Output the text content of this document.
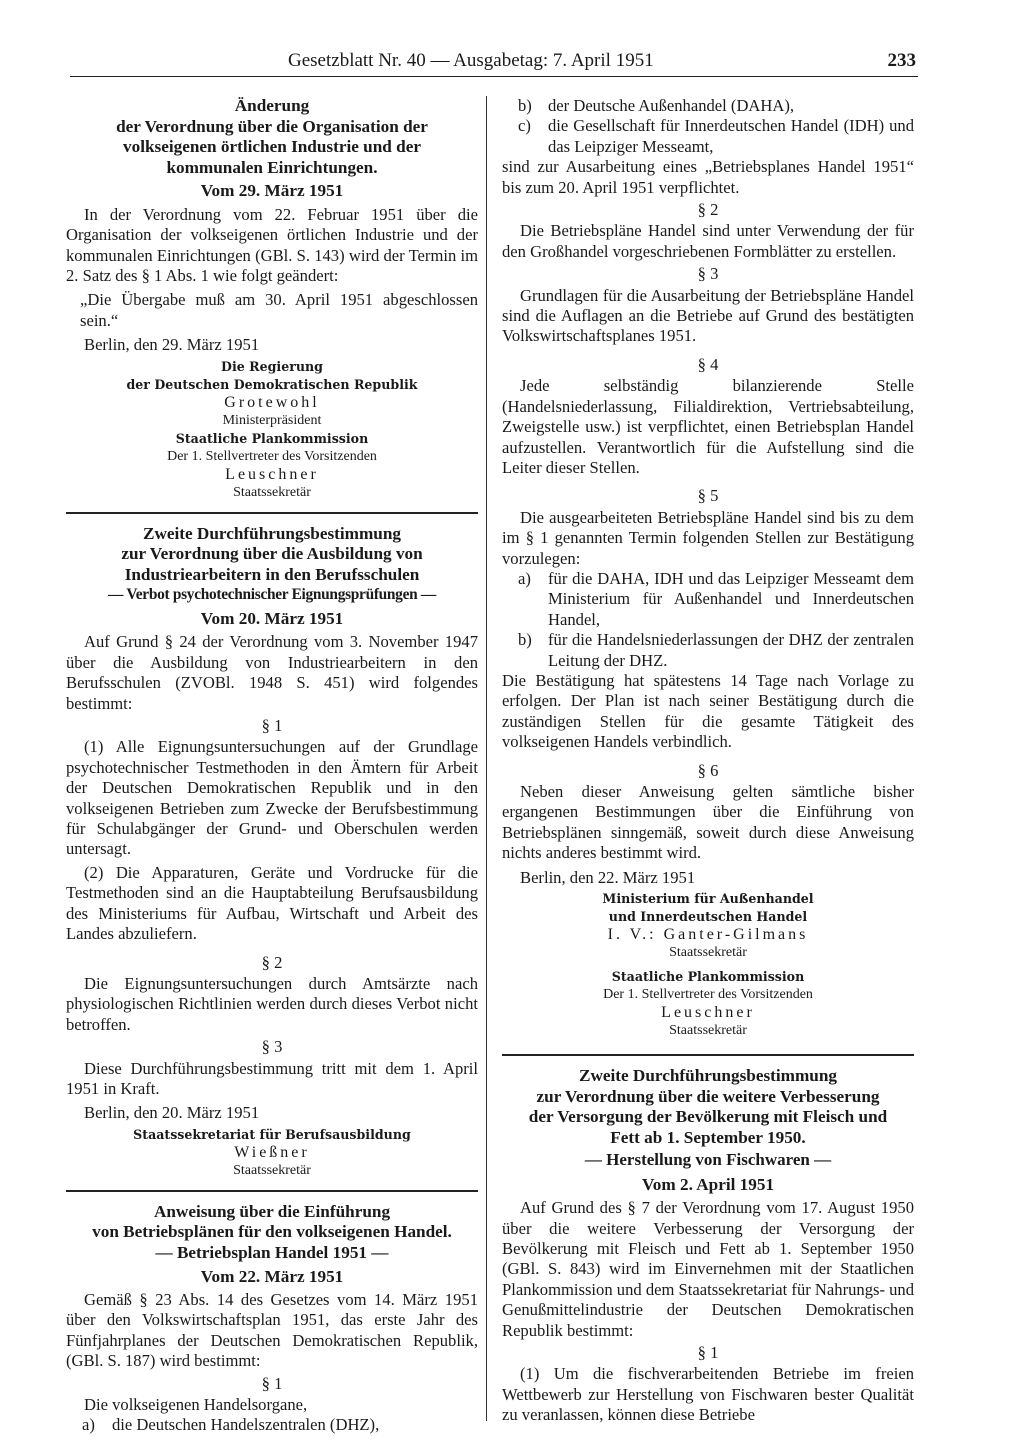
Gesetzblatt Nr. 40 — Ausgabetag: 7. April 1951	233
Änderung
der Verordnung über die Organisation der
volkseigenen örtlichen Industrie und der
kommunalen Einrichtungen.
Vom 29. März 1951

In der Verordnung vom 22. Februar 1951 über die Organisation der volkseigenen örtlichen Industrie und der kommunalen Einrichtungen (GBl. S. 143) wird der Termin im 2. Satz des § 1 Abs. 1 wie folgt geändert:

„Die Übergabe muß am 30. April 1951 abgeschlossen sein.“

Berlin, den 29. März 1951

Die Regierung
der Deutschen Demokratischen Republik
Grotewohl
Ministerpräsident
Staatliche Plankommission
Der 1. Stellvertreter des Vorsitzenden
Leuschner
Staatssekretär
Zweite Durchführungsbestimmung
zur Verordnung über die Ausbildung von
Industriearbeitern in den Berufsschulen
— Verbot psychotechnischer Eignungsprüfungen —
Vom 20. März 1951

Auf Grund § 24 der Verordnung vom 3. November 1947 über die Ausbildung von Industriearbeitern in den Berufsschulen (ZVOBl. 1948 S. 451) wird folgendes bestimmt:

§ 1

(1) Alle Eignungsuntersuchungen auf der Grundlage psychotechnischer Testmethoden in den Ämtern für Arbeit der Deutschen Demokratischen Republik und in den volkseigenen Betrieben zum Zwecke der Berufsbestimmung für Schulabgänger der Grund- und Oberschulen werden untersagt.

(2) Die Apparaturen, Geräte und Vordrucke für die Testmethoden sind an die Hauptabteilung Berufsausbildung des Ministeriums für Aufbau, Wirtschaft und Arbeit des Landes abzuliefern.

§ 2

Die Eignungsuntersuchungen durch Amtsärzte nach physiologischen Richtlinien werden durch dieses Verbot nicht betroffen.

§ 3

Diese Durchführungsbestimmung tritt mit dem 1. April 1951 in Kraft.

Berlin, den 20. März 1951

Staatssekretariat für Berufsausbildung
Wießner
Staatssekretär
Anweisung über die Einführung
von Betriebsplänen für den volkseigenen Handel.
— Betriebsplan Handel 1951 —
Vom 22. März 1951

Gemäß § 23 Abs. 14 des Gesetzes vom 14. März 1951 über den Volkswirtschaftsplan 1951, das erste Jahr des Fünfjahrplanes der Deutschen Demokratischen Republik, (GBl. S. 187) wird bestimmt:

§ 1

Die volkseigenen Handelsorgane,

a)	die Deutschen Handelszentralen (DHZ),
b) der Deutsche Außenhandel (DAHA),
c)	die Gesellschaft für Innerdeutschen Handel (IDH) und das Leipziger Messeamt,

sind zur Ausarbeitung eines „Betriebsplanes Handel 1951“ bis zum 20. April 1951 verpflichtet.

§ 2

Die Betriebspläne Handel sind unter Verwendung der für den Großhandel vorgeschriebenen Formblätter zu erstellen.

§ 3

Grundlagen für die Ausarbeitung der Betriebspläne Handel sind die Auflagen an die Betriebe auf Grund des bestätigten Volkswirtschaftsplanes 1951.

§ 4

Jede selbständig bilanzierende Stelle (Handelsniederlassung, Filialdirektion, Vertriebsabteilung, Zweigstelle usw.) ist verpflichtet, einen Betriebsplan Handel aufzustellen. Verantwortlich für die Aufstellung sind die Leiter dieser Stellen.

§ 5

Die ausgearbeiteten Betriebspläne Handel sind bis zu dem im § 1 genannten Termin folgenden Stellen zur Bestätigung vorzulegen:

a)	für die DAHA, IDH und das Leipziger Messeamt dem Ministerium für Außenhandel und Innerdeutschen Handel,
b) für die Handelsniederlassungen der DHZ der zentralen Leitung der DHZ.

Die Bestätigung hat spätestens 14 Tage nach Vorlage zu erfolgen. Der Plan ist nach seiner Bestätigung durch die zuständigen Stellen für die gesamte Tätigkeit des volkseigenen Handels verbindlich.

§ 6

Neben dieser Anweisung gelten sämtliche bisher ergangenen Bestimmungen über die Einführung von Betriebsplänen sinngemäß, soweit durch diese Anweisung nichts anderes bestimmt wird.

Berlin, den 22. März 1951

Ministerium für Außenhandel
und Innerdeutschen Handel
I. V.: Ganter-Gilmans
Staatssekretär
Staatliche Plankommission
Der 1. Stellvertreter des Vorsitzenden
Leuschner
Staatssekretär
Zweite Durchführungsbestimmung
zur Verordnung über die weitere Verbesserung
der Versorgung der Bevölkerung mit Fleisch und
Fett ab 1. September 1950.
— Herstellung von Fischwaren —
Vom 2. April 1951

Auf Grund des § 7 der Verordnung vom 17. August 1950 über die weitere Verbesserung der Versorgung der Bevölkerung mit Fleisch und Fett ab 1. September 1950 (GBl. S. 843) wird im Einvernehmen mit der Staatlichen Plankommission und dem Staatssekretariat für Nahrungs- und Genußmittelindustrie der Deutschen Demokratischen Republik bestimmt:

§ 1

(1) Um die fischverarbeitenden Betriebe im freien Wettbewerb zur Herstellung von Fischwaren bester Qualität zu veranlassen, können diese Betriebe
